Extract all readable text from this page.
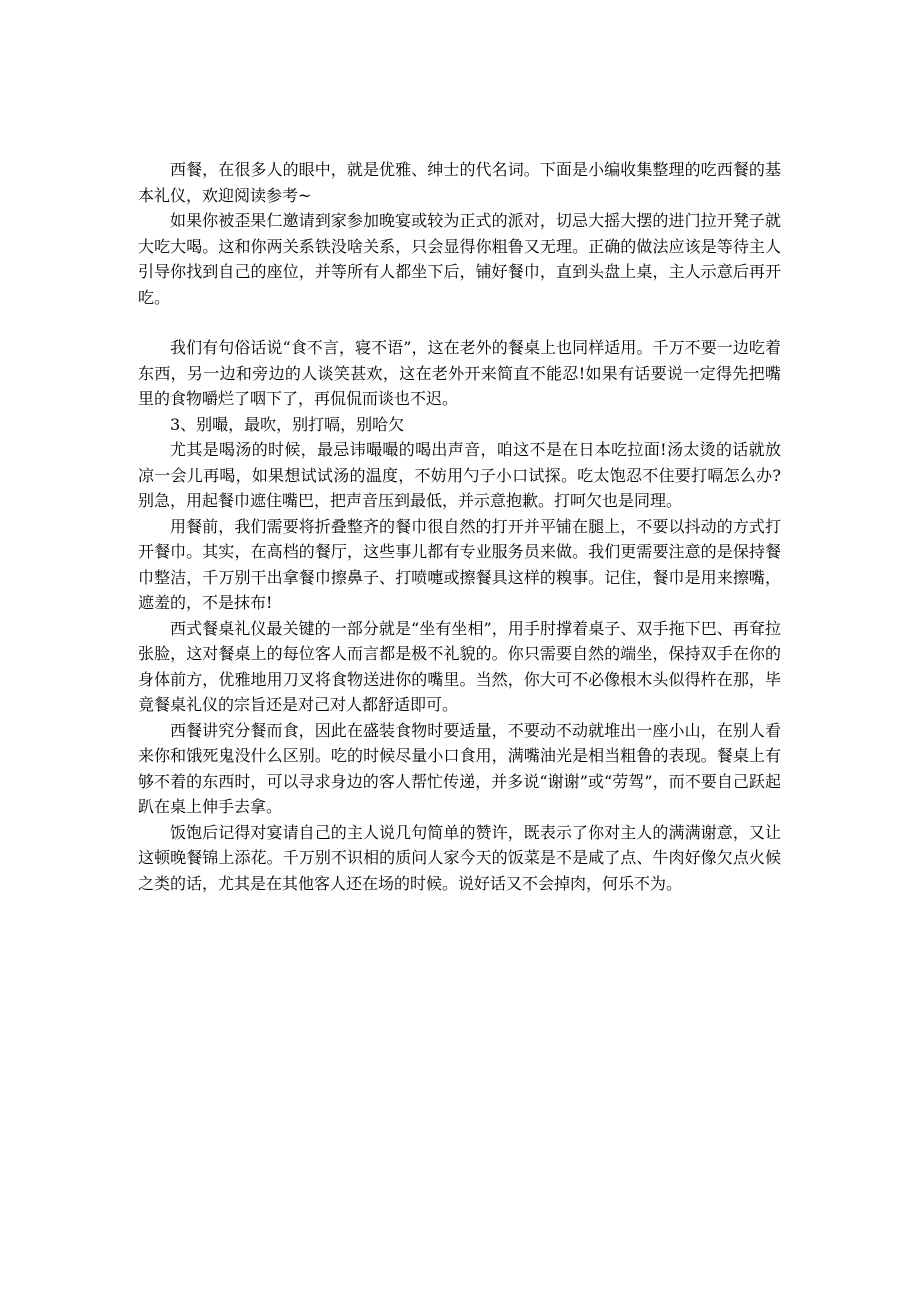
西餐，在很多人的眼中，就是优雅、绅士的代名词。下面是小编收集整理的吃西餐的基本礼仪，欢迎阅读参考~

如果你被歪果仁邀请到家参加晚宴或较为正式的派对，切忌大摇大摆的进门拉开凳子就大吃大喝。这和你两关系铁没啥关系，只会显得你粗鲁又无理。正确的做法应该是等待主人引导你找到自己的座位，并等所有人都坐下后，铺好餐巾，直到头盘上桌，主人示意后再开吃。

我们有句俗话说“食不言，寝不语”，这在老外的餐桌上也同样适用。千万不要一边吃着东西，另一边和旁边的人谈笑甚欢，这在老外开来简直不能忍!如果有话要说一定得先把嘴里的食物嚼烂了咽下了，再侃侃而谈也不迟。

3、别嘬，最吹，别打嗝，别哈欠

尤其是喝汤的时候，最忌讳嘬嘬的喝出声音，咱这不是在日本吃拉面!汤太烫的话就放凉一会儿再喝，如果想试试汤的温度，不妨用勺子小口试探。吃太饱忍不住要打嗝怎么办?别急，用起餐巾遮住嘴巴，把声音压到最低，并示意抱歉。打呵欠也是同理。

用餐前，我们需要将折叠整齐的餐巾很自然的打开并平铺在腿上，不要以抖动的方式打开餐巾。其实，在高档的餐厅，这些事儿都有专业服务员来做。我们更需要注意的是保持餐巾整洁，千万别干出拿餐巾擦鼻子、打喷嚏或擦餐具这样的糗事。记住，餐巾是用来擦嘴，遮羞的，不是抹布!

西式餐桌礼仪最关键的一部分就是“坐有坐相”，用手肘撑着桌子、双手拖下巴、再耷拉张脸，这对餐桌上的每位客人而言都是极不礼貌的。你只需要自然的端坐，保持双手在你的身体前方，优雅地用刀叉将食物送进你的嘴里。当然，你大可不必像根木头似得杵在那，毕竟餐桌礼仪的宗旨还是对己对人都舒适即可。

西餐讲究分餐而食，因此在盛装食物时要适量，不要动不动就堆出一座小山，在别人看来你和饿死鬼没什么区别。吃的时候尽量小口食用，满嘴油光是相当粗鲁的表现。餐桌上有够不着的东西时，可以寻求身边的客人帮忙传递，并多说“谢谢”或“劳驾”，而不要自己跃起趴在桌上伸手去拿。

饭饱后记得对宴请自己的主人说几句简单的赞许，既表示了你对主人的满满谢意，又让这顿晚餐锦上添花。千万别不识相的质问人家今天的饭菜是不是咸了点、牛肉好像欠点火候之类的话，尤其是在其他客人还在场的时候。说好话又不会掉肉，何乐不为。
